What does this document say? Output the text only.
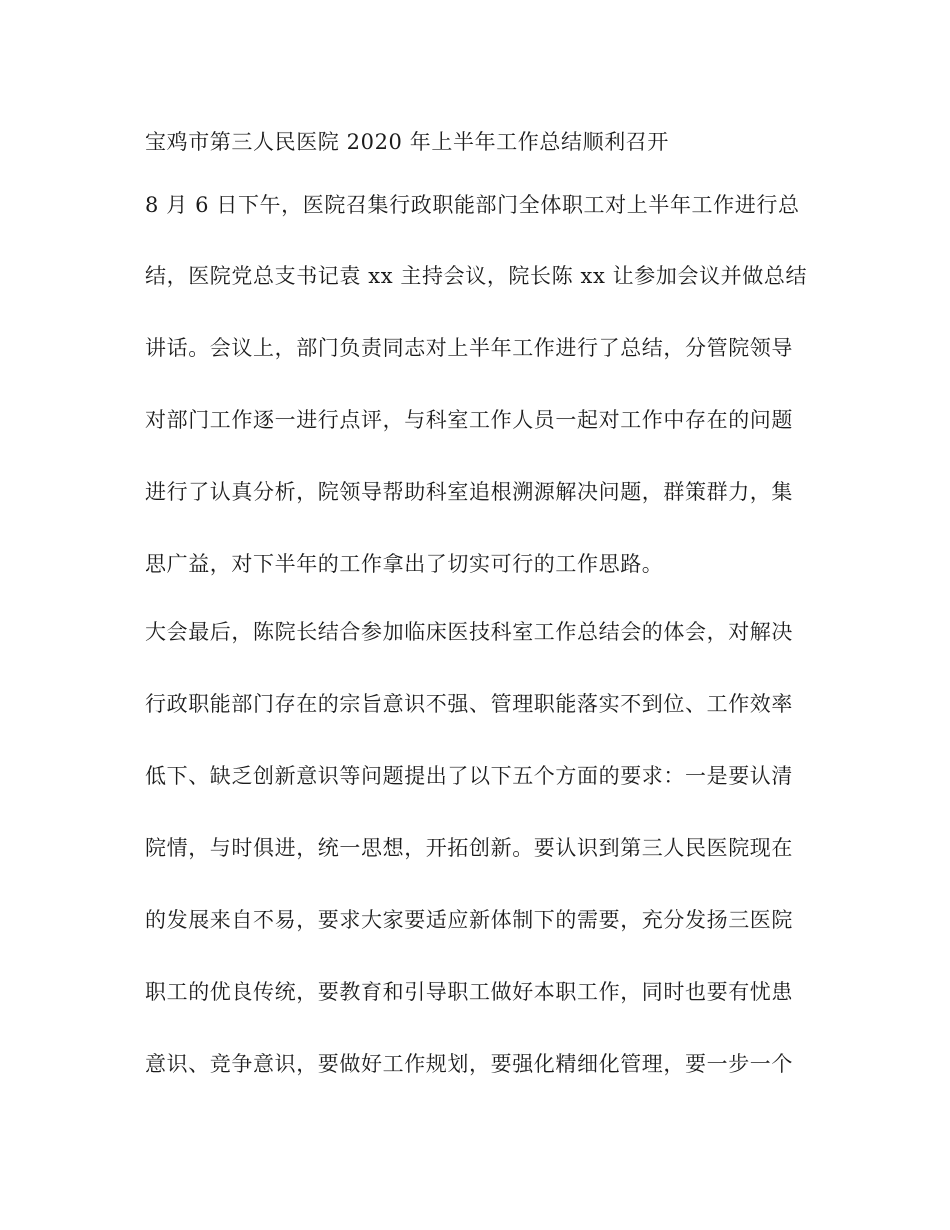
宝鸡市第三人民医院 2020 年上半年工作总结顺利召开
8 月 6 日下午，医院召集行政职能部门全体职工对上半年工作进行总
结，医院党总支书记袁 xx 主持会议，院长陈 xx 让参加会议并做总结
讲话。会议上，部门负责同志对上半年工作进行了总结，分管院领导
对部门工作逐一进行点评，与科室工作人员一起对工作中存在的问题
进行了认真分析，院领导帮助科室追根溯源解决问题，群策群力，集
思广益，对下半年的工作拿出了切实可行的工作思路。
大会最后，陈院长结合参加临床医技科室工作总结会的体会，对解决
行政职能部门存在的宗旨意识不强、管理职能落实不到位、工作效率
低下、缺乏创新意识等问题提出了以下五个方面的要求：一是要认清
院情，与时俱进，统一思想，开拓创新。要认识到第三人民医院现在
的发展来自不易，要求大家要适应新体制下的需要，充分发扬三医院
职工的优良传统，要教育和引导职工做好本职工作，同时也要有忧患
意识、竞争意识，要做好工作规划，要强化精细化管理，要一步一个
